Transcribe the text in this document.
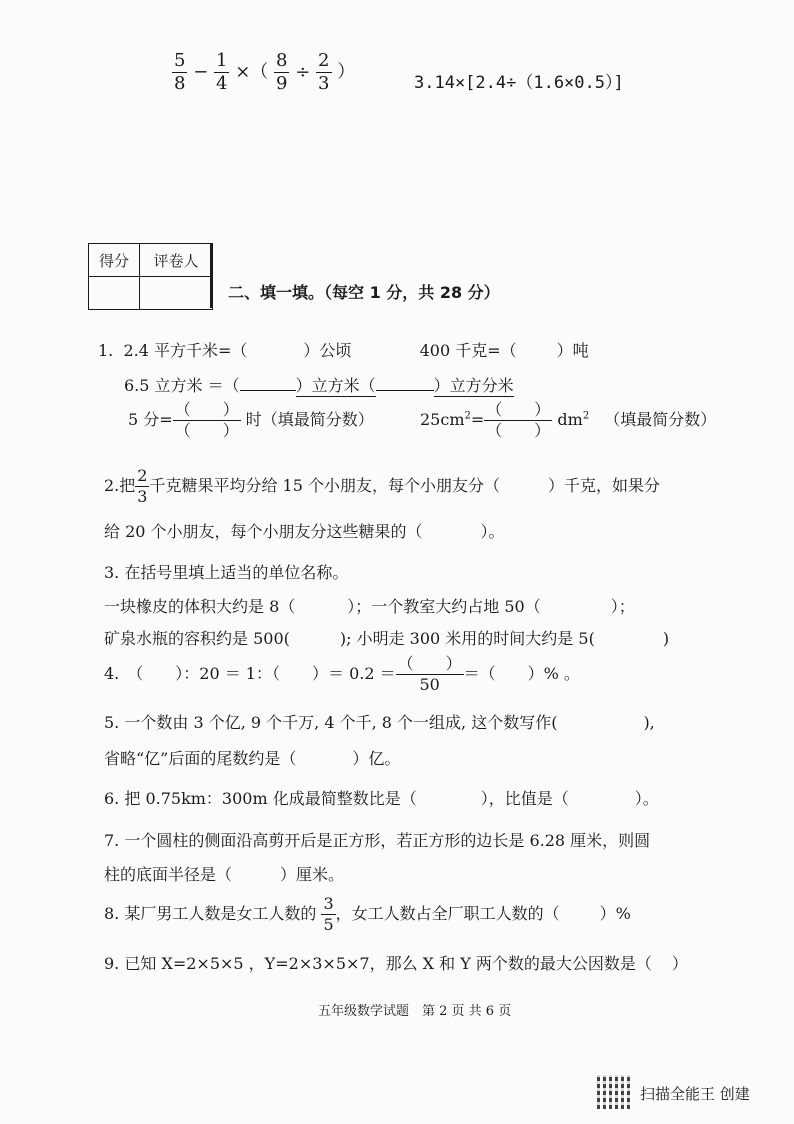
$\frac{5}{8} - \frac{1}{4}$ ×（ $\frac{8}{9} \div \frac{2}{3}$ ）
3.14×[2.4÷（1.6×0.5）]
得分	评卷人

二、填一填。（每空 1 分，共 28 分）
1. 2.4 平方千米=（	）公顷	400 千克=（	）吨
6.5 立方米 ＝（	）立方米（	）立方分米
5 分= $\frac{( )}{( )}$ 时（填最简分数）	$25cm^2= \frac{( )}{( )} dm^2$ （填最简分数）
2.把 $\frac{2}{3}$ 千克糖果平均分给 15 个小朋友，每个小朋友分（	）千克，如果分
给 20 个小朋友，每个小朋友分这些糖果的（	）。
3. 在括号里填上适当的单位名称。
一块橡皮的体积大约是 8（	）；一个教室大约占地 50（	）；
矿泉水瓶的容积约是 500(	); 小明走 300 米用的时间大约是 5(	)
4.　（　　）：20 ＝ 1：（　　）＝ $0.2 = \frac{( )}{50}$ ＝（　　）% 。
5. 一个数由 3 个亿, 9 个千万, 4 个千, 8 个一组成, 这个数写作(	),
省略“亿”后面的尾数约是（	）亿。
6. 把 0.75km：300m 化成最简整数比是（	），比值是（	）。
7. 一个圆柱的侧面沿高剪开后是正方形，若正方形的边长是 6.28 厘米，则圆
柱的底面半径是（	）厘米。
8. 某厂男工人数是女工人数的 $\frac{3}{5}$ ，女工人数占全厂职工人数的（	）%
9. 已知 X=2×5×5 ，Y=2×3×5×7，那么 X 和 Y 两个数的最大公因数是（ ）
五年级数学试题　第 2 页 共 6 页
扫描全能王 创建
